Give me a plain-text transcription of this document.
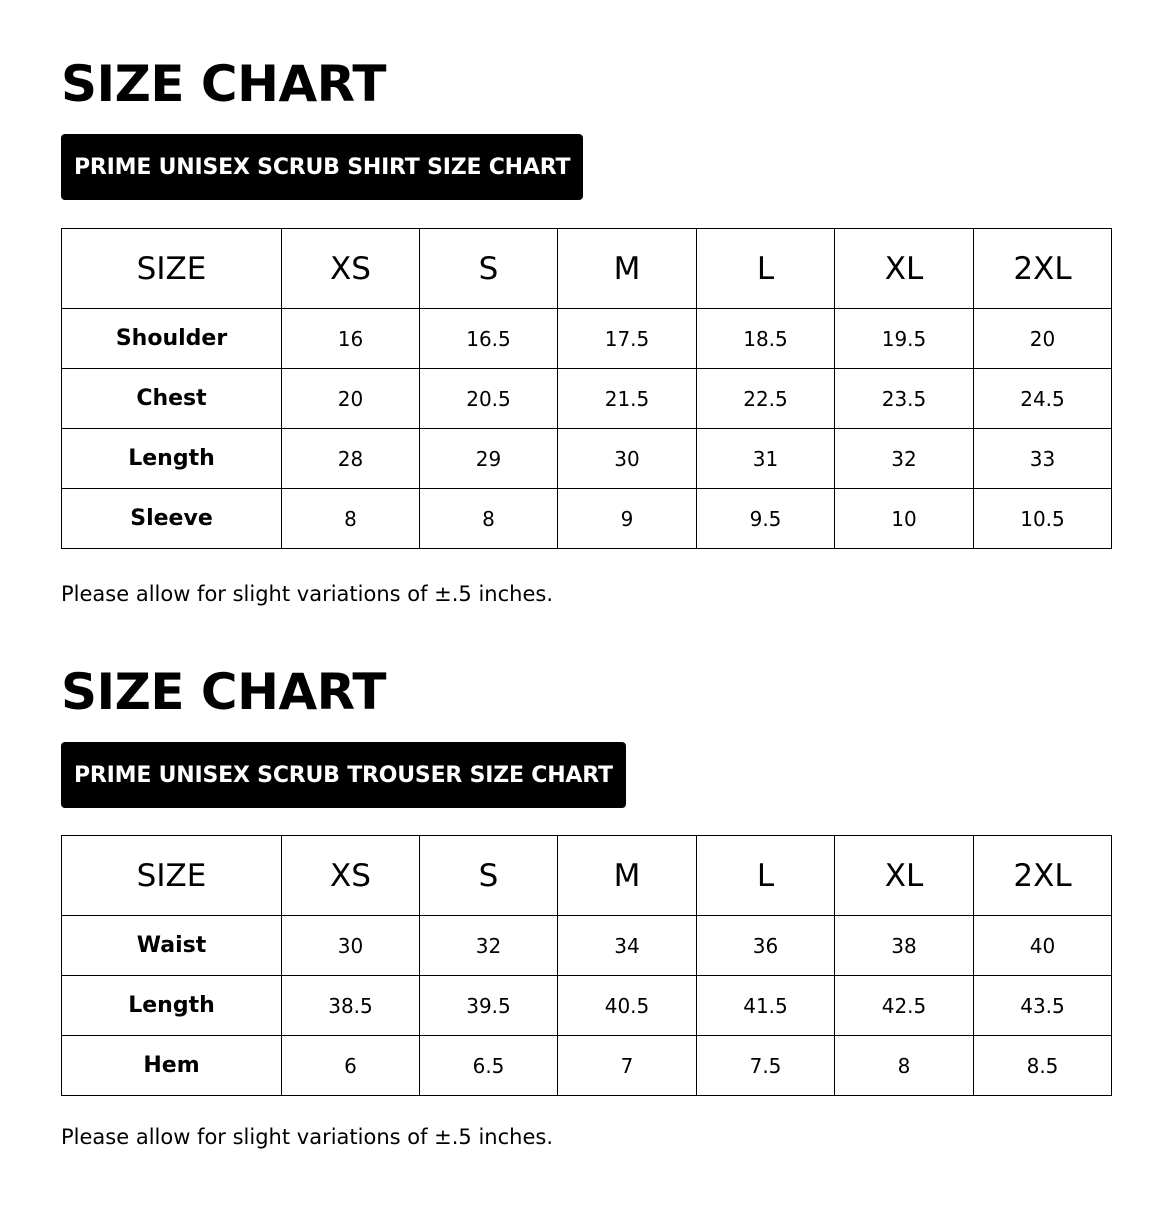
SIZE CHART
PRIME UNISEX SCRUB SHIRT SIZE CHART
SIZE	XS	S	M	L	XL	2XL
Shoulder	16	16.5	17.5	18.5	19.5	20
Chest	20	20.5	21.5	22.5	23.5	24.5
Length	28	29	30	31	32	33
Sleeve	8	8	9	9.5	10	10.5

Please allow for slight variations of ±.5 inches.

SIZE CHART
PRIME UNISEX SCRUB TROUSER SIZE CHART
SIZE	XS	S	M	L	XL	2XL
Waist	30	32	34	36	38	40
Length	38.5	39.5	40.5	41.5	42.5	43.5
Hem	6	6.5	7	7.5	8	8.5

Please allow for slight variations of ±.5 inches.
